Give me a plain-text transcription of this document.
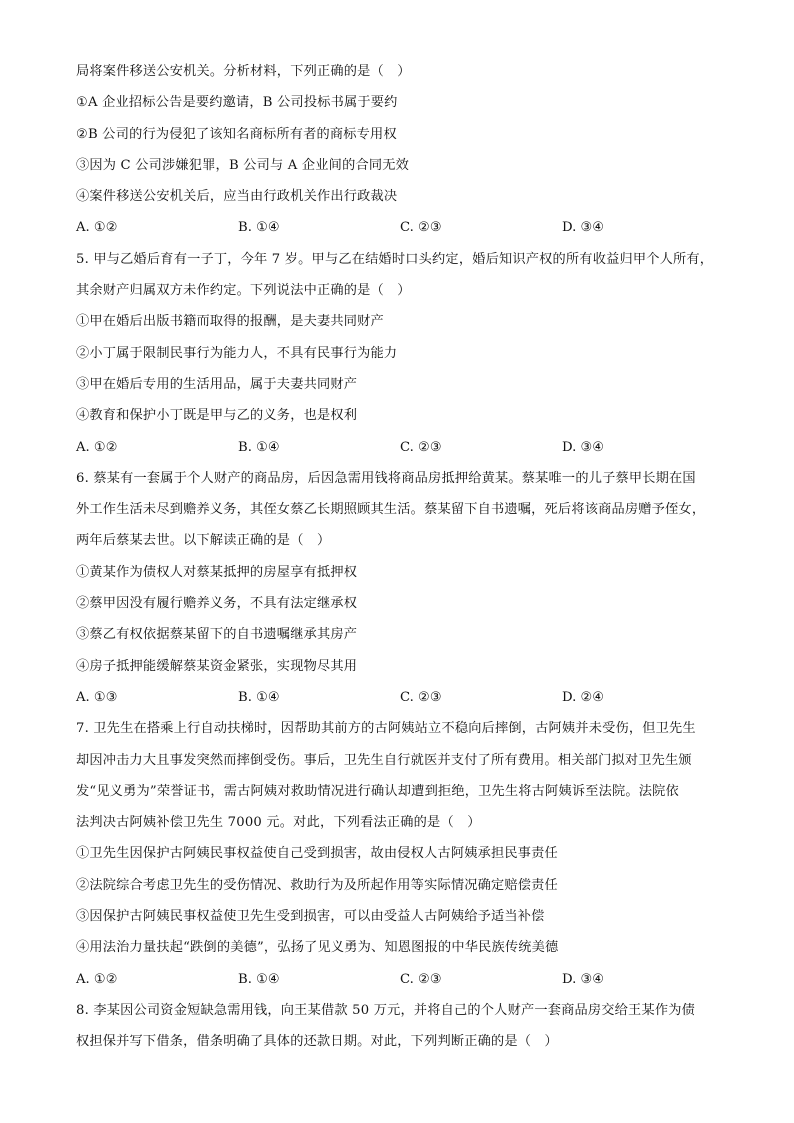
局将案件移送公安机关。分析材料，下列正确的是（　）
①A 企业招标公告是要约邀请，B 公司投标书属于要约
②B 公司的行为侵犯了该知名商标所有者的商标专用权
③因为 C 公司涉嫌犯罪，B 公司与 A 企业间的合同无效
④案件移送公安机关后，应当由行政机关作出行政裁决
A. ①②	B. ①④	C. ②③	D. ③④
5. 甲与乙婚后育有一子丁，今年 7 岁。甲与乙在结婚时口头约定，婚后知识产权的所有收益归甲个人所有，
其余财产归属双方未作约定。下列说法中正确的是（　）
①甲在婚后出版书籍而取得的报酬，是夫妻共同财产
②小丁属于限制民事行为能力人，不具有民事行为能力
③甲在婚后专用的生活用品，属于夫妻共同财产
④教育和保护小丁既是甲与乙的义务，也是权利
A. ①②	B. ①④	C. ②③	D. ③④
6. 蔡某有一套属于个人财产的商品房，后因急需用钱将商品房抵押给黄某。蔡某唯一的儿子蔡甲长期在国
外工作生活未尽到赡养义务，其侄女蔡乙长期照顾其生活。蔡某留下自书遗嘱，死后将该商品房赠予侄女，
两年后蔡某去世。以下解读正确的是（　）
①黄某作为债权人对蔡某抵押的房屋享有抵押权
②蔡甲因没有履行赡养义务，不具有法定继承权
③蔡乙有权依据蔡某留下的自书遗嘱继承其房产
④房子抵押能缓解蔡某资金紧张，实现物尽其用
A. ①③	B. ①④	C. ②③	D. ②④
7. 卫先生在搭乘上行自动扶梯时，因帮助其前方的古阿姨站立不稳向后摔倒，古阿姨并未受伤，但卫先生
却因冲击力大且事发突然而摔倒受伤。事后，卫先生自行就医并支付了所有费用。相关部门拟对卫先生颁
发“见义勇为”荣誉证书，需古阿姨对救助情况进行确认却遭到拒绝，卫先生将古阿姨诉至法院。法院依
法判决古阿姨补偿卫先生 7000 元。对此，下列看法正确的是（　）
①卫先生因保护古阿姨民事权益使自己受到损害，故由侵权人古阿姨承担民事责任
②法院综合考虑卫先生的受伤情况、救助行为及所起作用等实际情况确定赔偿责任
③因保护古阿姨民事权益使卫先生受到损害，可以由受益人古阿姨给予适当补偿
④用法治力量扶起“跌倒的美德”，弘扬了见义勇为、知恩图报的中华民族传统美德
A. ①②	B. ①④	C. ②③	D. ③④
8. 李某因公司资金短缺急需用钱，向王某借款 50 万元，并将自己的个人财产一套商品房交给王某作为债
权担保并写下借条，借条明确了具体的还款日期。对此，下列判断正确的是（　）
